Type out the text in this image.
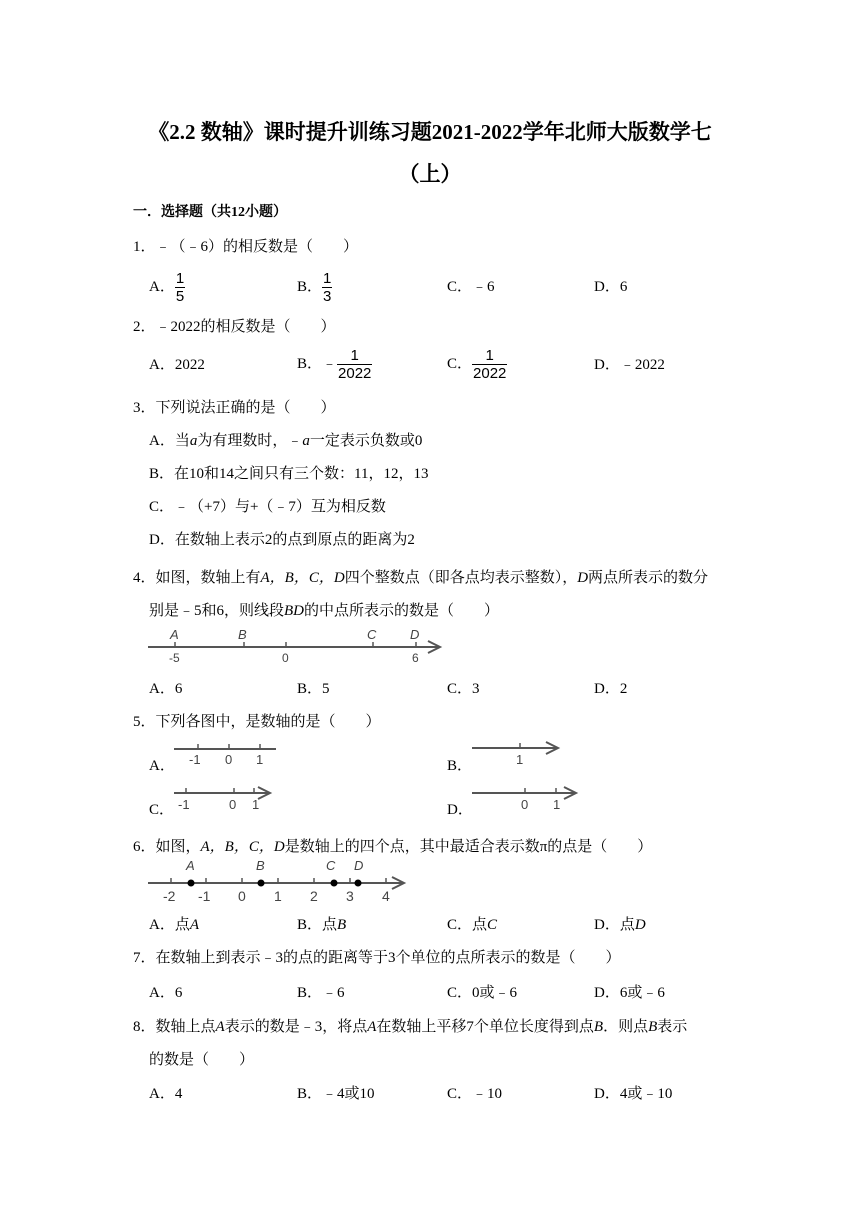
《2.2 数轴》课时提升训练习题2021-2022学年北师大版数学七
（上）
一．选择题（共12小题）
1．﹣（﹣6）的相反数是（　　）
A． $\frac{1}{5}$	B． $\frac{1}{3}$	C．﹣6	D．6
2．﹣2022的相反数是（　　）
A．2022	B．﹣ $\frac{1}{2022}$	C． $\frac{1}{2022}$	D．﹣2022
3．下列说法正确的是（　　）
A．当a为有理数时，﹣a一定表示负数或0
B．在10和14之间只有三个数：11，12，13
C．﹣（+7）与+（﹣7）互为相反数
D．在数轴上表示2的点到原点的距离为2
4．如图，数轴上有A，B，C，D四个整数点（即各点均表示整数），D两点所表示的数分
别是﹣5和6，则线段BD的中点所表示的数是（　　）
A	B	C	D
-5	0	6
A．6	B．5	C．3	D．2
5．下列各图中，是数轴的是（　　）
A． -1 0 1	B．	1
C． -1	0 1	D．	0 1
6．如图，A，B，C，D是数轴上的四个点，其中最适合表示数π的点是（　　）
A	B	C D
-2 -1 0 1 2 3 4
A．点A	B．点B	C．点C	D．点D
7．在数轴上到表示﹣3的点的距离等于3个单位的点所表示的数是（　　）
A．6	B．﹣6	C．0或﹣6	D．6或﹣6
8．数轴上点A表示的数是﹣3，将点A在数轴上平移7个单位长度得到点B．则点B表示
的数是（　　）
A．4	B．﹣4或10	C．﹣10	D．4或﹣10
